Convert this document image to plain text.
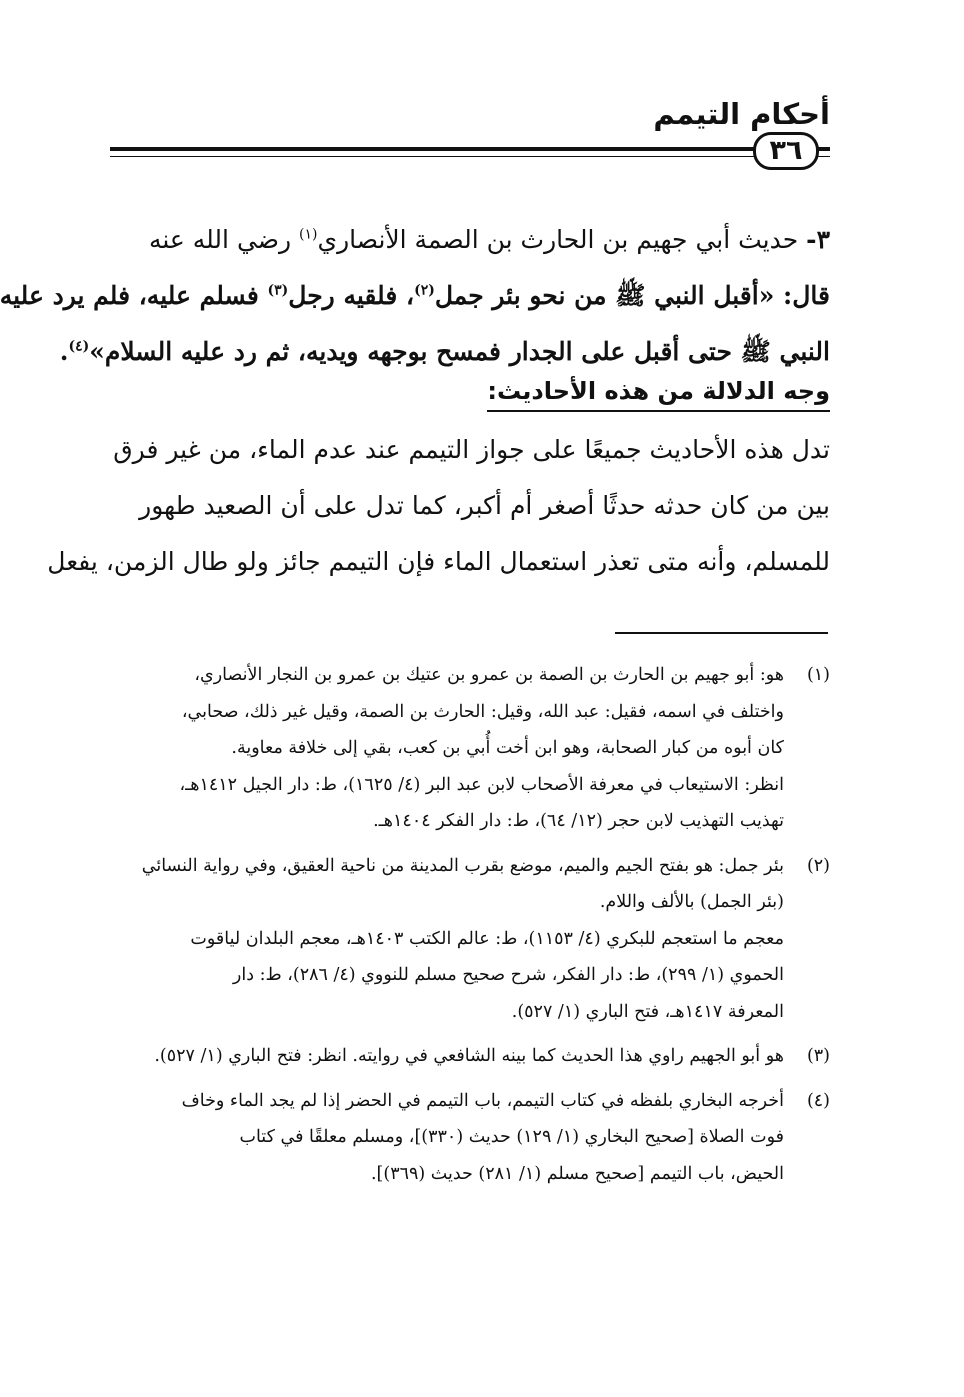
أحكام التيمم
٣٦
٣- حديث أبي جهيم بن الحارث بن الصمة الأنصاري$^{(١)}$ رضي الله عنه
قال: «أقبل النبي ﷺ من نحو بئر جمل$^{(٢)}$، فلقيه رجل$^{(٣)}$ فسلم عليه، فلم يرد عليه
النبي ﷺ حتى أقبل على الجدار فمسح بوجهه ويديه، ثم رد عليه السلام»$^{(٤)}$.
وجه الدلالة من هذه الأحاديث:
تدل هذه الأحاديث جميعًا على جواز التيمم عند عدم الماء، من غير فرق
بين من كان حدثه حدثًا أصغر أم أكبر، كما تدل على أن الصعيد طهور
للمسلم، وأنه متى تعذر استعمال الماء فإن التيمم جائز ولو طال الزمن، يفعل
(١)
هو: أبو جهيم بن الحارث بن الصمة بن عمرو بن عتيك بن عمرو بن النجار الأنصاري،
واختلف في اسمه، فقيل: عبد الله، وقيل: الحارث بن الصمة، وقيل غير ذلك، صحابي،
كان أبوه من كبار الصحابة، وهو ابن أخت أُبي بن كعب، بقي إلى خلافة معاوية.
انظر: الاستيعاب في معرفة الأصحاب لابن عبد البر (٤/ ١٦٢٥)، ط: دار الجيل ١٤١٢هـ،
تهذيب التهذيب لابن حجر (١٢/ ٦٤)، ط: دار الفكر ١٤٠٤هـ.
(٢)
بئر جمل: هو بفتح الجيم والميم، موضع بقرب المدينة من ناحية العقيق، وفي رواية النسائي
(بئر الجمل) بالألف واللام.
معجم ما استعجم للبكري (٤/ ١١٥٣)، ط: عالم الكتب ١٤٠٣هـ، معجم البلدان لياقوت
الحموي (١/ ٢٩٩)، ط: دار الفكر، شرح صحيح مسلم للنووي (٤/ ٢٨٦)، ط: دار
المعرفة ١٤١٧هـ، فتح الباري (١/ ٥٢٧).
(٣)
هو أبو الجهيم راوي هذا الحديث كما بينه الشافعي في روايته. انظر: فتح الباري (١/ ٥٢٧).
(٤)
أخرجه البخاري بلفظه في كتاب التيمم، باب التيمم في الحضر إذا لم يجد الماء وخاف
فوت الصلاة [صحيح البخاري (١/ ١٢٩) حديث (٣٣٠)]، ومسلم معلقًا في كتاب
الحيض، باب التيمم [صحيح مسلم (١/ ٢٨١) حديث (٣٦٩)].
